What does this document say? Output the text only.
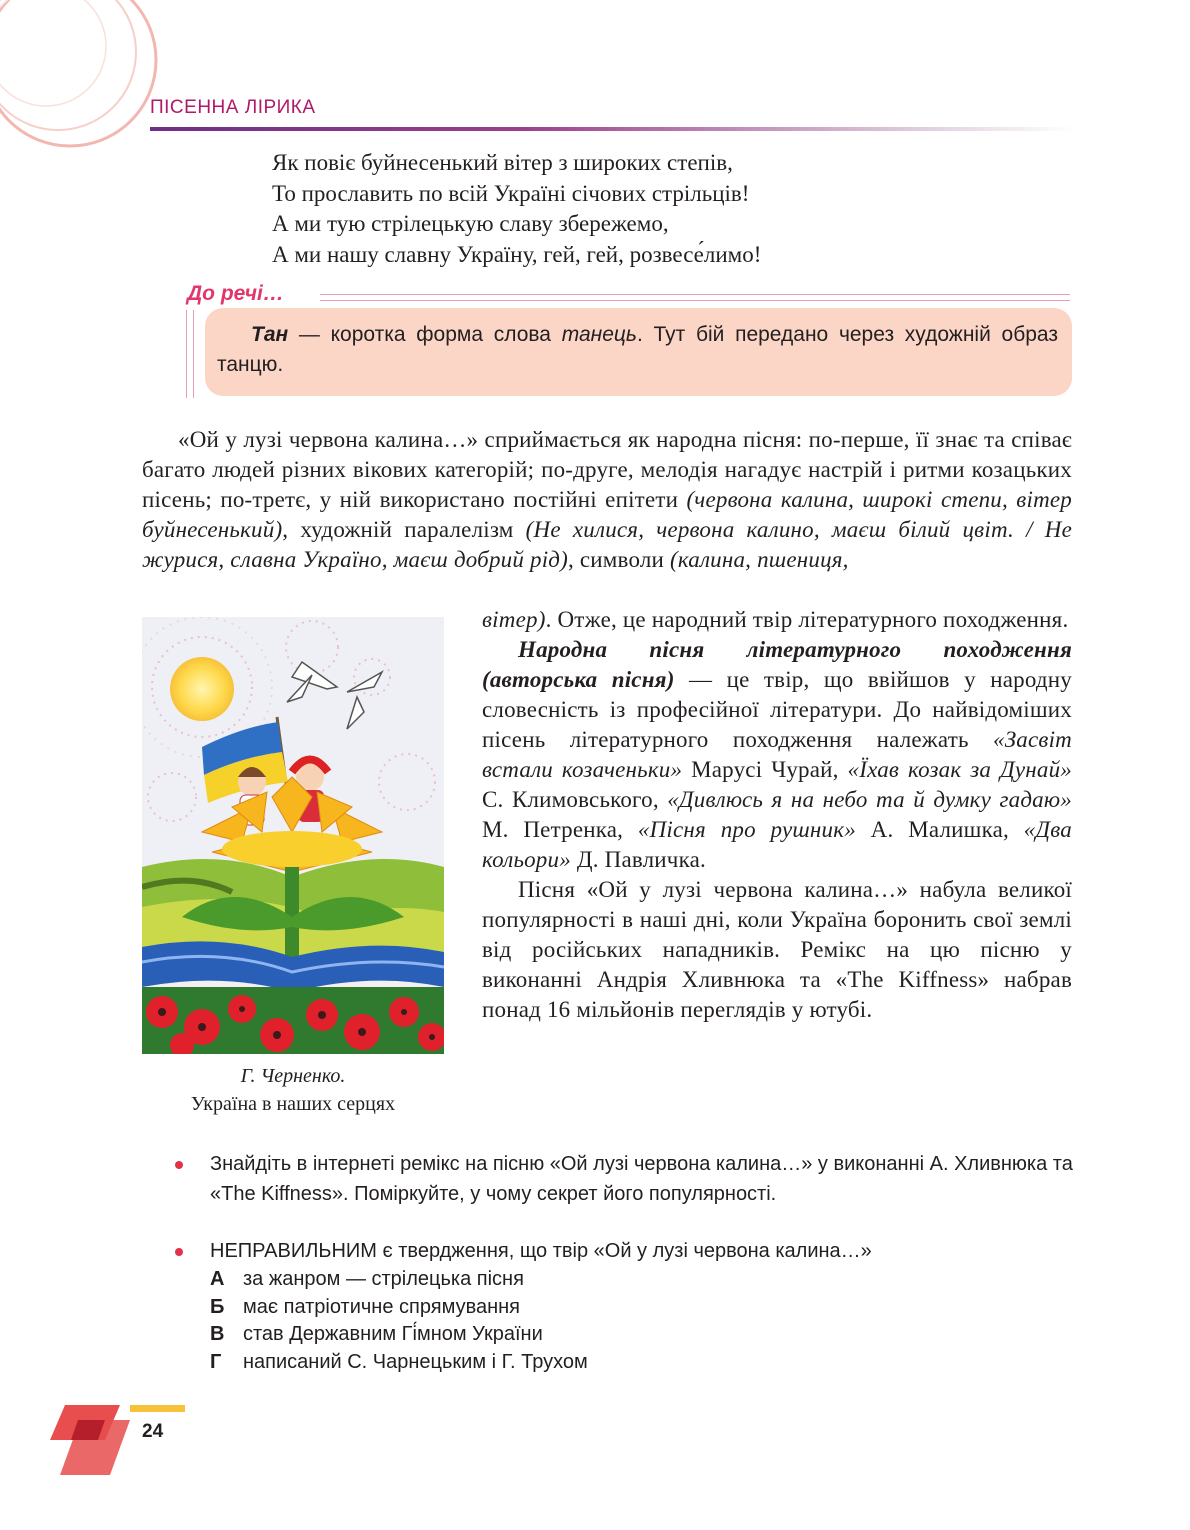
ПІСЕННА ЛІРИКА
Як повіє буйнесенький вітер з широких степів,
То прославить по всій Україні січових стрільців!
А ми тую стрілецькую славу збережемо,
А ми нашу славну Україну, гей, гей, розвесе́лимо!
До речі…
Тан — коротка форма слова танець. Тут бій передано через художній образ танцю.

«Ой у лузі червона калина…» сприймається як народна пісня: по-перше, її знає та співає багато людей різних вікових категорій; по-друге, мелодія нагадує настрій і ритми козацьких пісень; по-третє, у ній використано постійні епітети (червона калина, широкі степи, вітер буйнесенький), художній паралелізм (Не хилися, червона калино, маєш білий цвіт. / Не журися, славна Україно, маєш добрий рід), символи (калина, пшениця,

вітер). Отже, це народний твір літературного походження.

Народна пісня літературного походження (авторська пісня) — це твір, що ввійшов у народну словесність із професійної літератури. До найвідоміших пісень літературного походження належать «Засвіт встали козаченьки» Марусі Чурай, «Їхав козак за Дунай» С. Климовського, «Дивлюсь я на небо та й думку гадаю» М. Петренка, «Пісня про рушник» А. Малишка, «Два кольори» Д. Павличка.

Пісня «Ой у лузі червона калина…» набула великої популярності в наші дні, коли Україна боронить свої землі від російських нападників. Ремікс на цю пісню у виконанні Андрія Хливнюка та «The Kiffness» набрав понад 16 мільйонів переглядів у ютубі.

Г. Черненко.
Україна в наших серцях
Знайдіть в інтернеті ремікс на пісню «Ой лузі червона калина…» у виконанні А. Хливнюка та «The Kiffness». Поміркуйте, у чому секрет його популярності.
НЕПРАВИЛЬНИМ є твердження, що твір «Ой у лузі червона калина…»
А за жанром — стрілецька пісня
Б має патріотичне спрямування
В став Державним Гі́мном України
Г	написаний С. Чарнецьким і Г. Трухом
24
